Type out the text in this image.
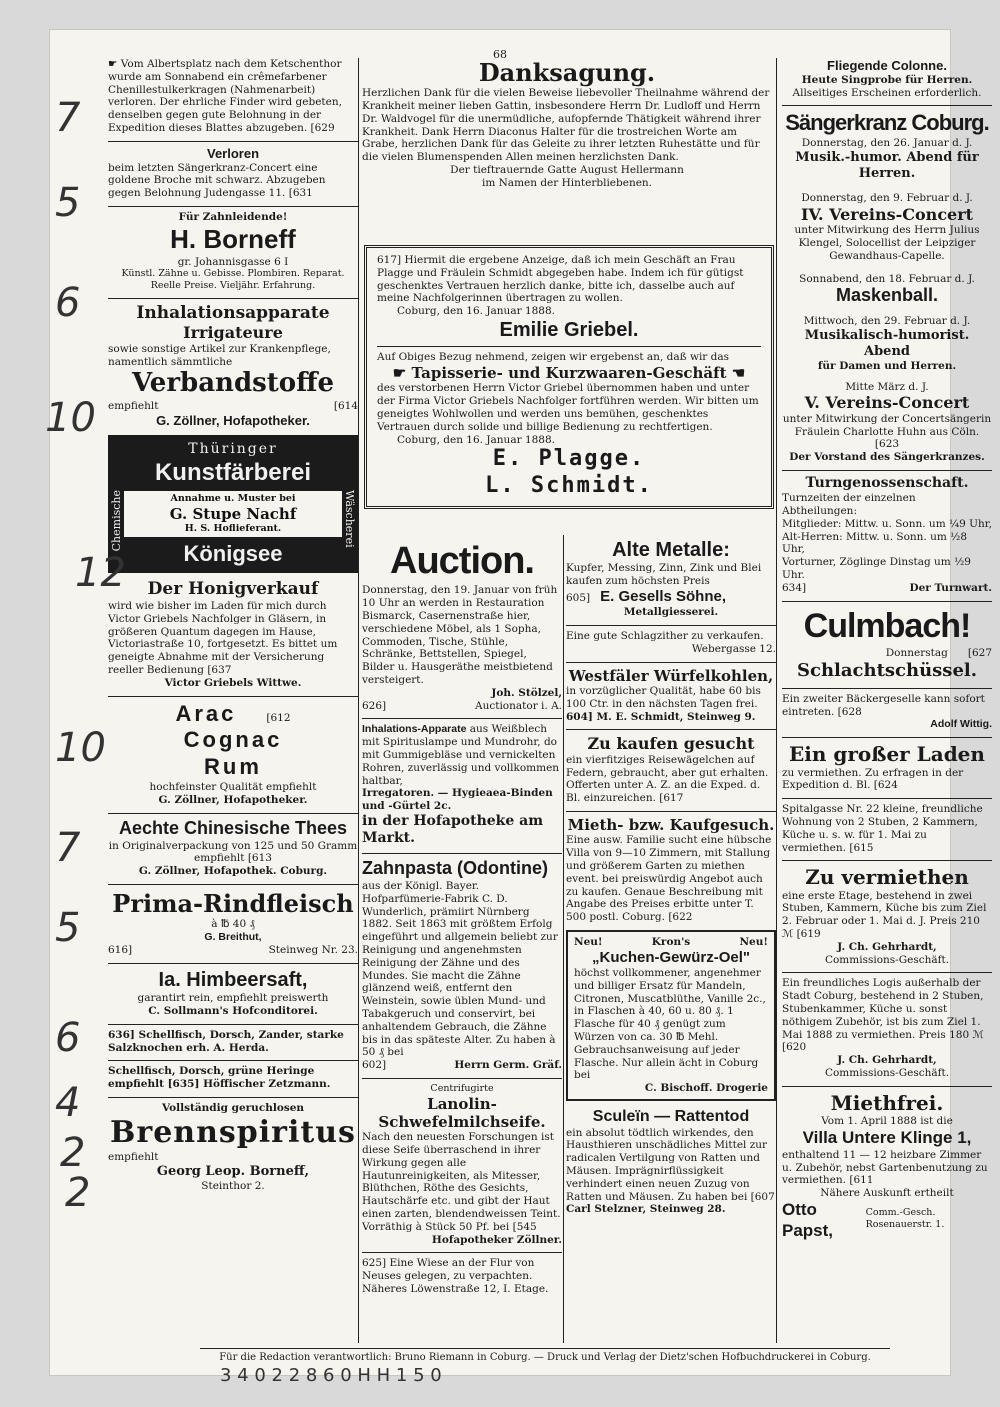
68
☛ Vom Albertsplatz nach dem Ketschenthor wurde am Sonnabend ein crêmefarbener Chenillestulkerkragen (Nahmenarbeit) verloren. Der ehrliche Finder wird gebeten, denselben gegen gute Belohnung in der Expedition dieses Blattes abzugeben. [629
Verloren
beim letzten Sängerkranz-Concert eine goldene Broche mit schwarz. Abzugeben gegen Belohnung Judengasse 11. [631
Für Zahnleidende!
H. Borneff
gr. Johannisgasse 6 I
Künstl. Zähne u. Gebisse. Plombiren. Reparat. Reelle Preise. Vieljähr. Erfahrung.
Inhalationsapparate
Irrigateure
sowie sonstige Artikel zur Krankenpflege, namentlich sämmtliche
Verbandstoffe
empfiehlt	[614
G. Zöllner, Hofapotheker.
Thüringer
Kunstfärberei
Annahme u. Muster bei
G. Stupe Nachf
H. S. Hoflieferant.
Königsee
Chemische	Wäscherei
Der Honigverkauf
wird wie bisher im Laden für mich durch Victor Griebels Nachfolger in Gläsern, in größeren Quantum dagegen im Hause, Victoriastraße 10, fortgesetzt. Es bittet um geneigte Abnahme mit der Versicherung reeller Bedienung [637
Victor Griebels Wittwe.
Arac	[612
Cognac
Rum
hochfeinster Qualität empfiehlt
G. Zöllner, Hofapotheker.
Aechte Chinesische Thees
in Originalverpackung von 125 und 50 Gramm empfiehlt [613
G. Zöllner, Hofapothek. Coburg.
Prima-Rindfleisch
à ℔ 40 ₰
G. Breithut,
616]	Steinweg Nr. 23.
Ia. Himbeersaft,
garantirt rein, empfiehlt preiswerth
C. Sollmann's Hofconditorei.
636] Schellfisch, Dorsch, Zander, starke Salzknochen erh. A. Herda.
Schellfisch, Dorsch, grüne Heringe empfiehlt [635] Höffischer Zetzmann.
Vollständig geruchlosen
Brennspiritus
empfiehlt
Georg Leop. Borneff,
Steinthor 2.
Danksagung.
Herzlichen Dank für die vielen Beweise liebevoller Theilnahme während der Krankheit meiner lieben Gattin, insbesondere Herrn Dr. Ludloff und Herrn Dr. Waldvogel für die unermüdliche, aufopfernde Thätigkeit während ihrer Krankheit. Dank Herrn Diaconus Halter für die trostreichen Worte am Grabe, herzlichen Dank für das Geleite zu ihrer letzten Ruhestätte und für die vielen Blumenspenden Allen meinen herzlichsten Dank.
Der tieftrauernde Gatte August Hellermann
im Namen der Hinterbliebenen.
617] Hiermit die ergebene Anzeige, daß ich mein Geschäft an Frau Plagge und Fräulein Schmidt abgegeben habe. Indem ich für gütigst geschenktes Vertrauen herzlich danke, bitte ich, dasselbe auch auf meine Nachfolgerinnen übertragen zu wollen.
Coburg, den 16. Januar 1888.
Emilie Griebel.
Auf Obiges Bezug nehmend, zeigen wir ergebenst an, daß wir das
☛ Tapisserie- und Kurzwaaren-Geschäft ☚
des verstorbenen Herrn Victor Griebel übernommen haben und unter der Firma Victor Griebels Nachfolger fortführen werden. Wir bitten um geneigtes Wohlwollen und werden uns bemühen, geschenktes Vertrauen durch solide und billige Bedienung zu rechtfertigen.
Coburg, den 16. Januar 1888.
E. Plagge.
L. Schmidt.
Auction.
Donnerstag, den 19. Januar von früh 10 Uhr an werden in Restauration Bismarck, Casernenstraße hier, verschiedene Möbel, als 1 Sopha, Commoden, Tische, Stühle, Schränke, Bettstellen, Spiegel, Bilder u. Hausgeräthe meistbietend versteigert.
Joh. Stölzel,
626]	Auctionator i. A.
Inhalations-Apparate aus Weißblech mit Spirituslampe und Mundrohr, do mit Gummigebläse und vernickelten Rohren, zuverlässig und vollkommen haltbar,
Irregatoren. — Hygieaea-Binden und -Gürtel 2c.
in der Hofapotheke am Markt.
Zahnpasta (Odontine)
aus der Königl. Bayer. Hofparfümerie-Fabrik C. D. Wunderlich, prämiirt Nürnberg 1882. Seit 1863 mit größtem Erfolg eingeführt und allgemein beliebt zur Reinigung und angenehmsten Reinigung der Zähne und des Mundes. Sie macht die Zähne glänzend weiß, entfernt den Weinstein, sowie üblen Mund- und Tabakgeruch und conservirt, bei anhaltendem Gebrauch, die Zähne bis in das späteste Alter. Zu haben à 50 ₰ bei
602]	Herrn Germ. Gräf.
Centrifugirte
Lanolin-Schwefelmilchseife.
Nach den neuesten Forschungen ist diese Seife überraschend in ihrer Wirkung gegen alle Hautunreinigkeiten, als Mitesser, Blüthchen, Röthe des Gesichts, Hautschärfe etc. und gibt der Haut einen zarten, blendendweissen Teint. Vorräthig à Stück 50 Pf. bei [545
Hofapotheker Zöllner.
625] Eine Wiese an der Flur von Neuses gelegen, zu verpachten. Näheres Löwenstraße 12, I. Etage.
Alte Metalle:
Kupfer, Messing, Zinn, Zink und Blei kaufen zum höchsten Preis
605] E. Gesells Söhne,
Metallgiesserei.
Eine gute Schlagzither zu verkaufen.
Webergasse 12.
Westfäler Würfelkohlen,
in vorzüglicher Qualität, habe 60 bis 100 Ctr. in den nächsten Tagen frei.
604] M. E. Schmidt, Steinweg 9.
Zu kaufen gesucht
ein vierfitziges Reisewägelchen auf Federn, gebraucht, aber gut erhalten. Offerten unter A. Z. an die Exped. d. Bl. einzureichen. [617
Mieth- bzw. Kaufgesuch.
Eine ausw. Familie sucht eine hübsche Villa von 9—10 Zimmern, mit Stallung und größerem Garten zu miethen event. bei preiswürdig Angebot auch zu kaufen. Genaue Beschreibung mit Angabe des Preises erbitte unter T. 500 postl. Coburg. [622
Neu!	Kron's	Neu!
„Kuchen-Gewürz-Oel"
höchst vollkommener, angenehmer und billiger Ersatz für Mandeln, Citronen, Muscatblüthe, Vanille 2c., in Flaschen à 40, 60 u. 80 ₰. 1 Flasche für 40 ₰ genügt zum Würzen von ca. 30 ℔ Mehl. Gebrauchsanweisung auf jeder Flasche. Nur allein ächt in Coburg bei
C. Bischoff. Drogerie
Sculeïn — Rattentod
ein absolut tödtlich wirkendes, den Hausthieren unschädliches Mittel zur radicalen Vertilgung von Ratten und Mäusen. Imprägnirflüssigkeit verhindert einen neuen Zuzug von Ratten und Mäusen. Zu haben bei [607
Carl Stelzner, Steinweg 28.
Fliegende Colonne.
Heute Singprobe für Herren.
Allseitiges Erscheinen erforderlich.
Sängerkranz Coburg.
Donnerstag, den 26. Januar d. J.
Musik.-humor. Abend für Herren.
Donnerstag, den 9. Februar d. J.
IV. Vereins-Concert
unter Mitwirkung des Herrn Julius Klengel, Solocellist der Leipziger Gewandhaus-Capelle.
Sonnabend, den 18. Februar d. J.
Maskenball.
Mittwoch, den 29. Februar d. J.
Musikalisch-humorist. Abend
für Damen und Herren.
Mitte März d. J.
V. Vereins-Concert
unter Mitwirkung der Concertsängerin Fräulein Charlotte Huhn aus Cöln. [623
Der Vorstand des Sängerkranzes.
Turngenossenschaft.
Turnzeiten der einzelnen Abtheilungen:
Mitglieder: Mittw. u. Sonn. um ¼9 Uhr,
Alt-Herren: Mittw. u. Sonn. um ½8 Uhr,
Vorturner, Zöglinge Dinstag um ½9 Uhr.
634]	Der Turnwart.
Culmbach!
Donnerstag [627
Schlachtschüssel.
Ein zweiter Bäckergeselle kann sofort eintreten. [628
Adolf Wittig.
Ein großer Laden
zu vermiethen. Zu erfragen in der Expedition d. Bl. [624
Spitalgasse Nr. 22 kleine, freundliche Wohnung von 2 Stuben, 2 Kammern, Küche u. s. w. für 1. Mai zu vermiethen. [615
Zu vermiethen
eine erste Etage, bestehend in zwei Stuben, Kammern, Küche bis zum Ziel 2. Februar oder 1. Mai d. J. Preis 210 ℳ [619
J. Ch. Gehrhardt,
Commissions-Geschäft.
Ein freundliches Logis außerhalb der Stadt Coburg, bestehend in 2 Stuben, Stubenkammer, Küche u. sonst nöthigem Zubehör, ist bis zum Ziel 1. Mai 1888 zu vermiethen. Preis 180 ℳ [620
J. Ch. Gehrhardt,
Commissions-Geschäft.
Miethfrei.
Vom 1. April 1888 ist die
Villa Untere Klinge 1,
enthaltend 11 — 12 heizbare Zimmer u. Zubehör, nebst Gartenbenutzung zu vermiethen. [611
Nähere Auskunft ertheilt
Otto Papst,
Comm.-Gesch. Rosenauerstr. 1.
Für die Redaction verantwortlich: Bruno Riemann in Coburg. — Druck und Verlag der Dietz'schen Hofbuchdruckerei in Coburg.
7
5
6
10
12
10
7
5
6
4
2
2
3 4 0 2 2 8 6 0 H H 1 5 0
